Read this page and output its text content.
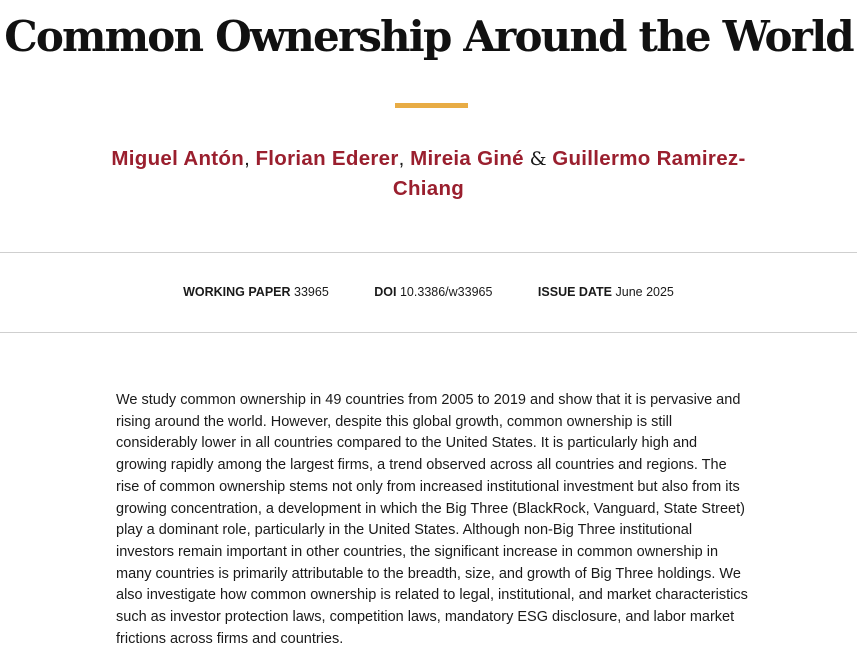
Common Ownership Around the World
Miguel Antón, Florian Ederer, Mireia Giné & Guillermo Ramirez-Chiang
WORKING PAPER 33965	DOI 10.3386/w33965	ISSUE DATE June 2025

We study common ownership in 49 countries from 2005 to 2019 and show that it is pervasive and rising around the world. However, despite this global growth, common ownership is still considerably lower in all countries compared to the United States. It is particularly high and growing rapidly among the largest firms, a trend observed across all countries and regions. The rise of common ownership stems not only from increased institutional investment but also from its growing concentration, a development in which the Big Three (BlackRock, Vanguard, State Street) play a dominant role, particularly in the United States. Although non-Big Three institutional investors remain important in other countries, the significant increase in common ownership in many countries is primarily attributable to the breadth, size, and growth of Big Three holdings. We also investigate how common ownership is related to legal, institutional, and market characteristics such as investor protection laws, competition laws, mandatory ESG disclosure, and labor market frictions across firms and countries.
